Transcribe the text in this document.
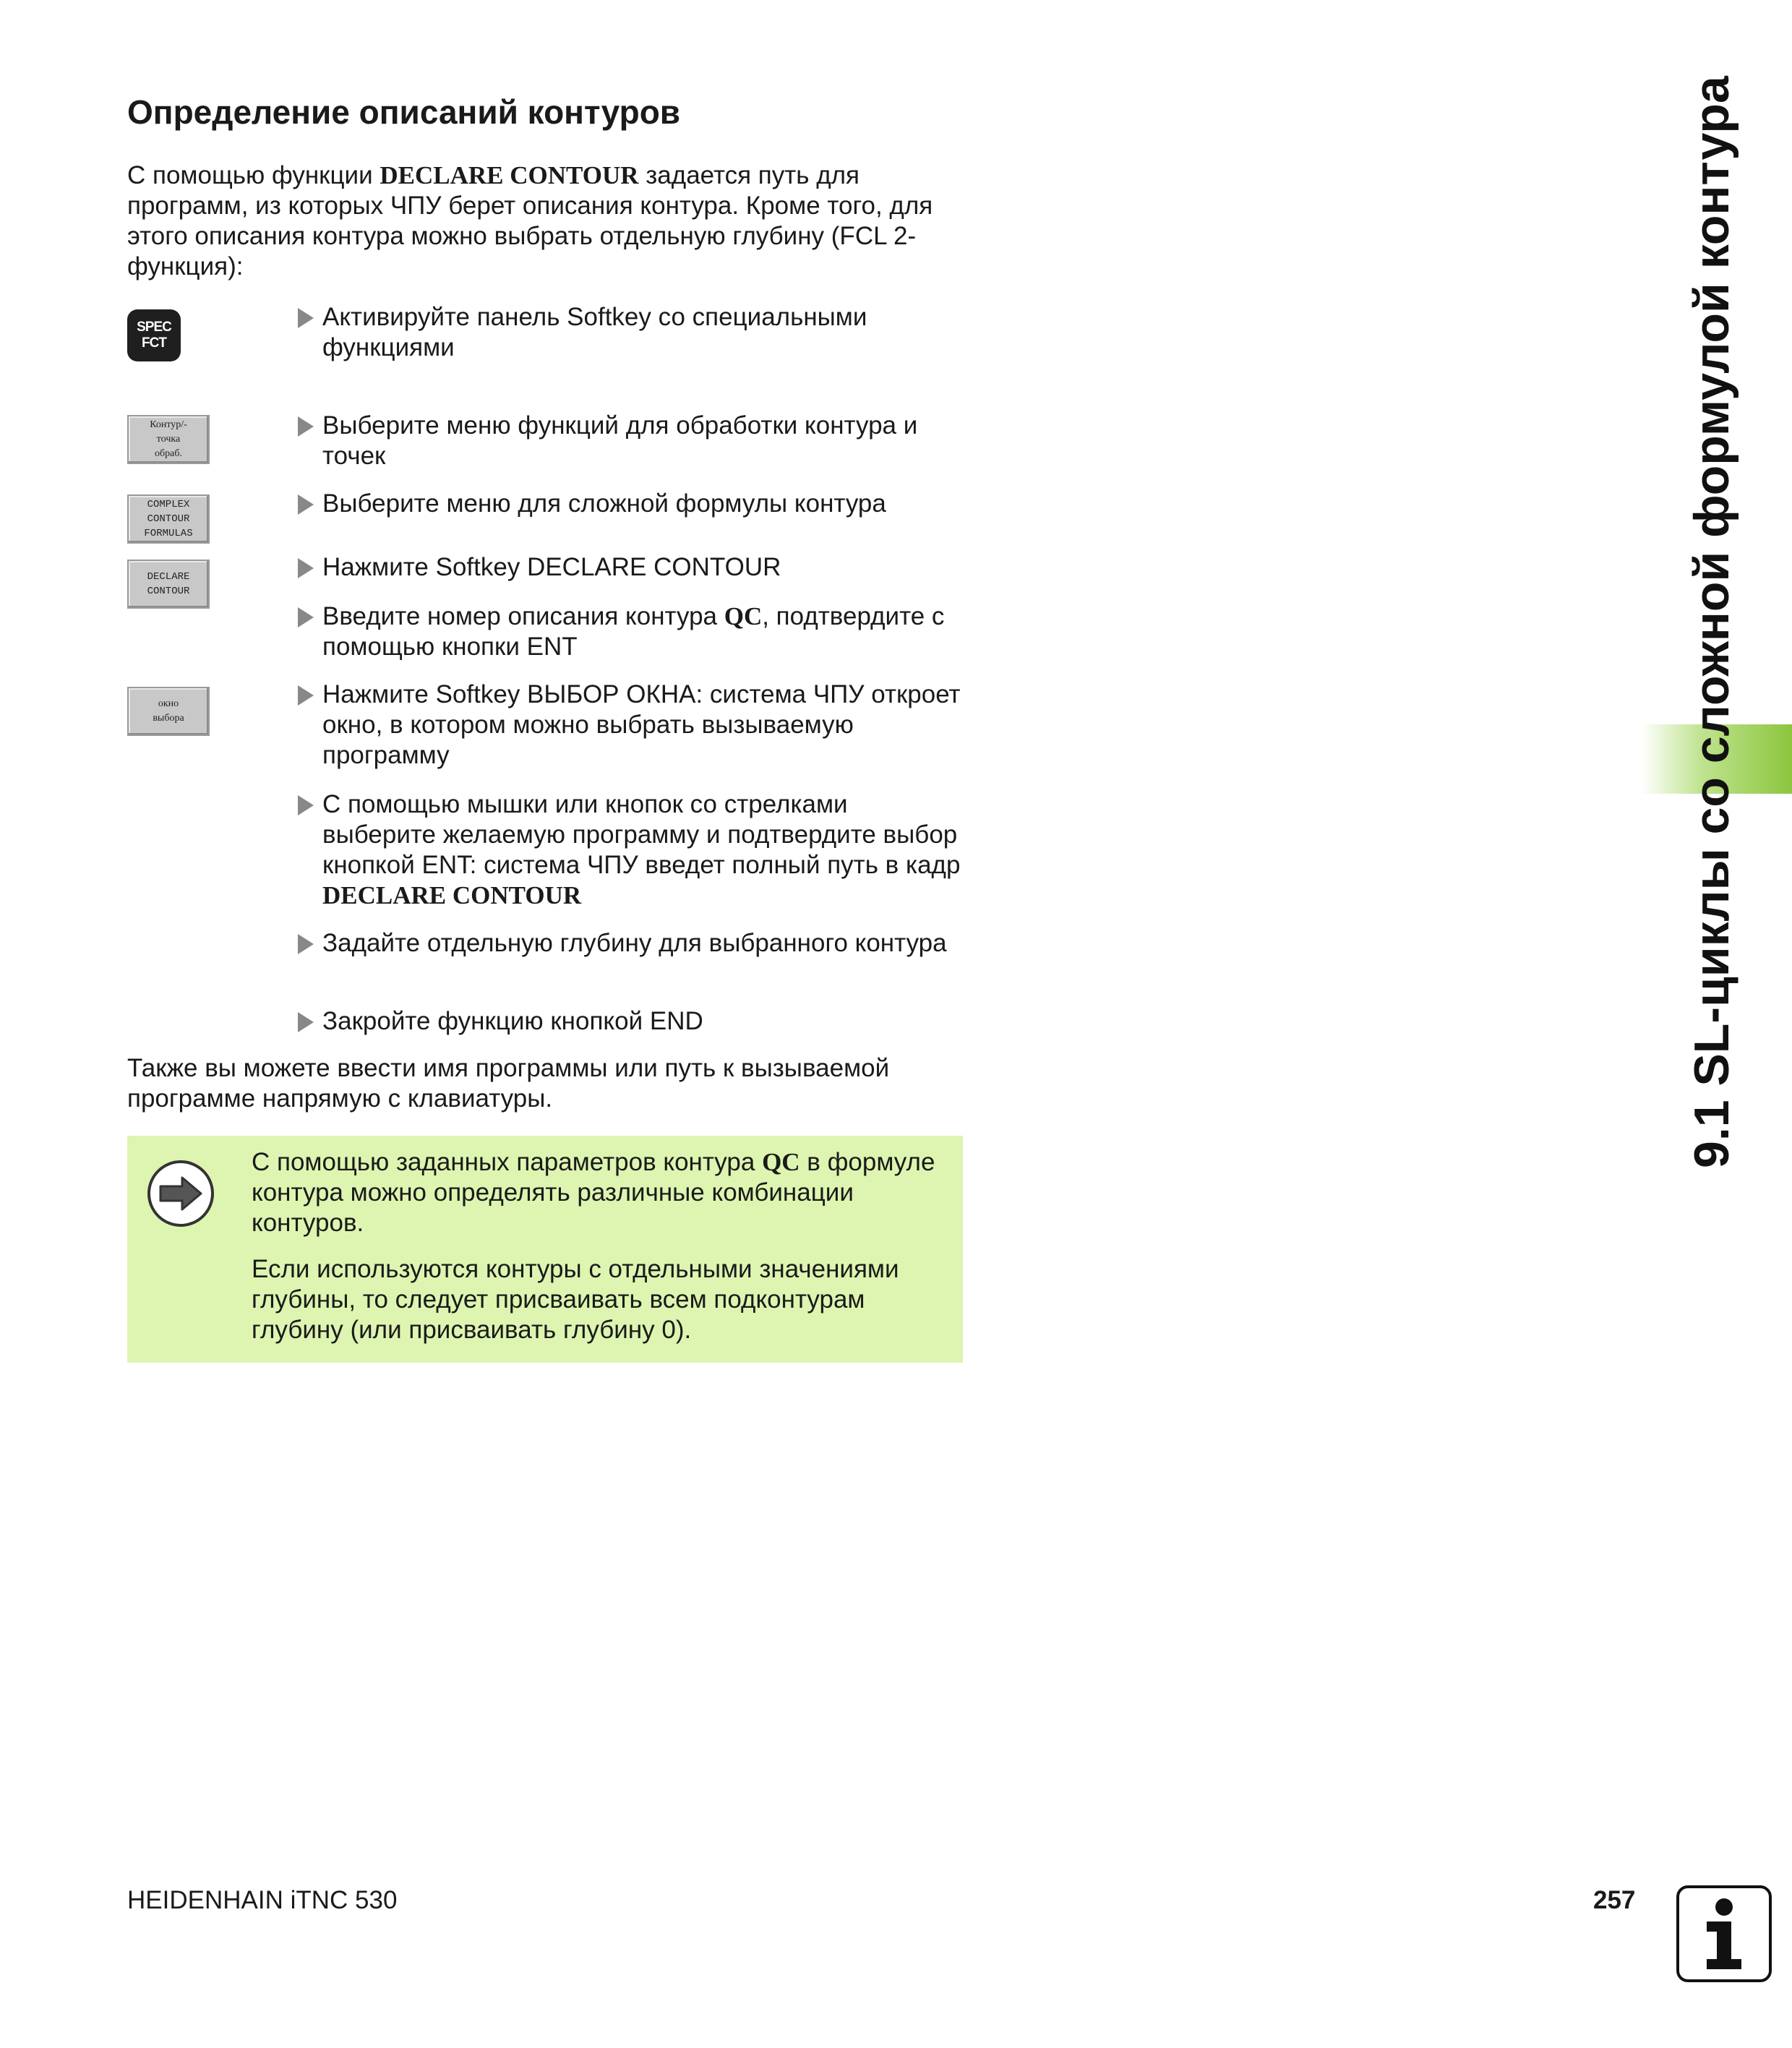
Определение описаний контуров

С помощью функции DECLARE CONTOUR задается путь для программ, из которых ЧПУ берет описания контура. Кроме того, для этого описания контура можно выбрать отдельную глубину (FCL 2-функция):

SPEC
FCT
Контур/-
точка
обраб.
COMPLEX
CONTOUR
FORMULAS
DECLARE
CONTOUR
окно
выбора
Активируйте панель Softkey со специальными функциями
Выберите меню функций для обработки контура и точек
Выберите меню для сложной формулы контура
Нажмите Softkey DECLARE CONTOUR
Введите номер описания контура QC, подтвердите с помощью кнопки ENT
Нажмите Softkey ВЫБОР ОКНА: система ЧПУ откроет окно, в котором можно выбрать вызываемую программу
С помощью мышки или кнопок со стрелками выберите желаемую программу и подтвердите выбор кнопкой ENT: система ЧПУ введет полный путь в кадр DECLARE CONTOUR
Задайте отдельную глубину для выбранного контура
Закройте функцию кнопкой END

Также вы можете ввести имя программы или путь к вызываемой программе напрямую с клавиатуры.

С помощью заданных параметров контура QC в формуле контура можно определять различные комбинации контуров.

Если используются контуры с отдельными значениями глубины, то следует присваивать всем подконтурам глубину (или присваивать глубину 0).

9.1 SL-циклы со сложной формулой контура
HEIDENHAIN iTNC 530	257
